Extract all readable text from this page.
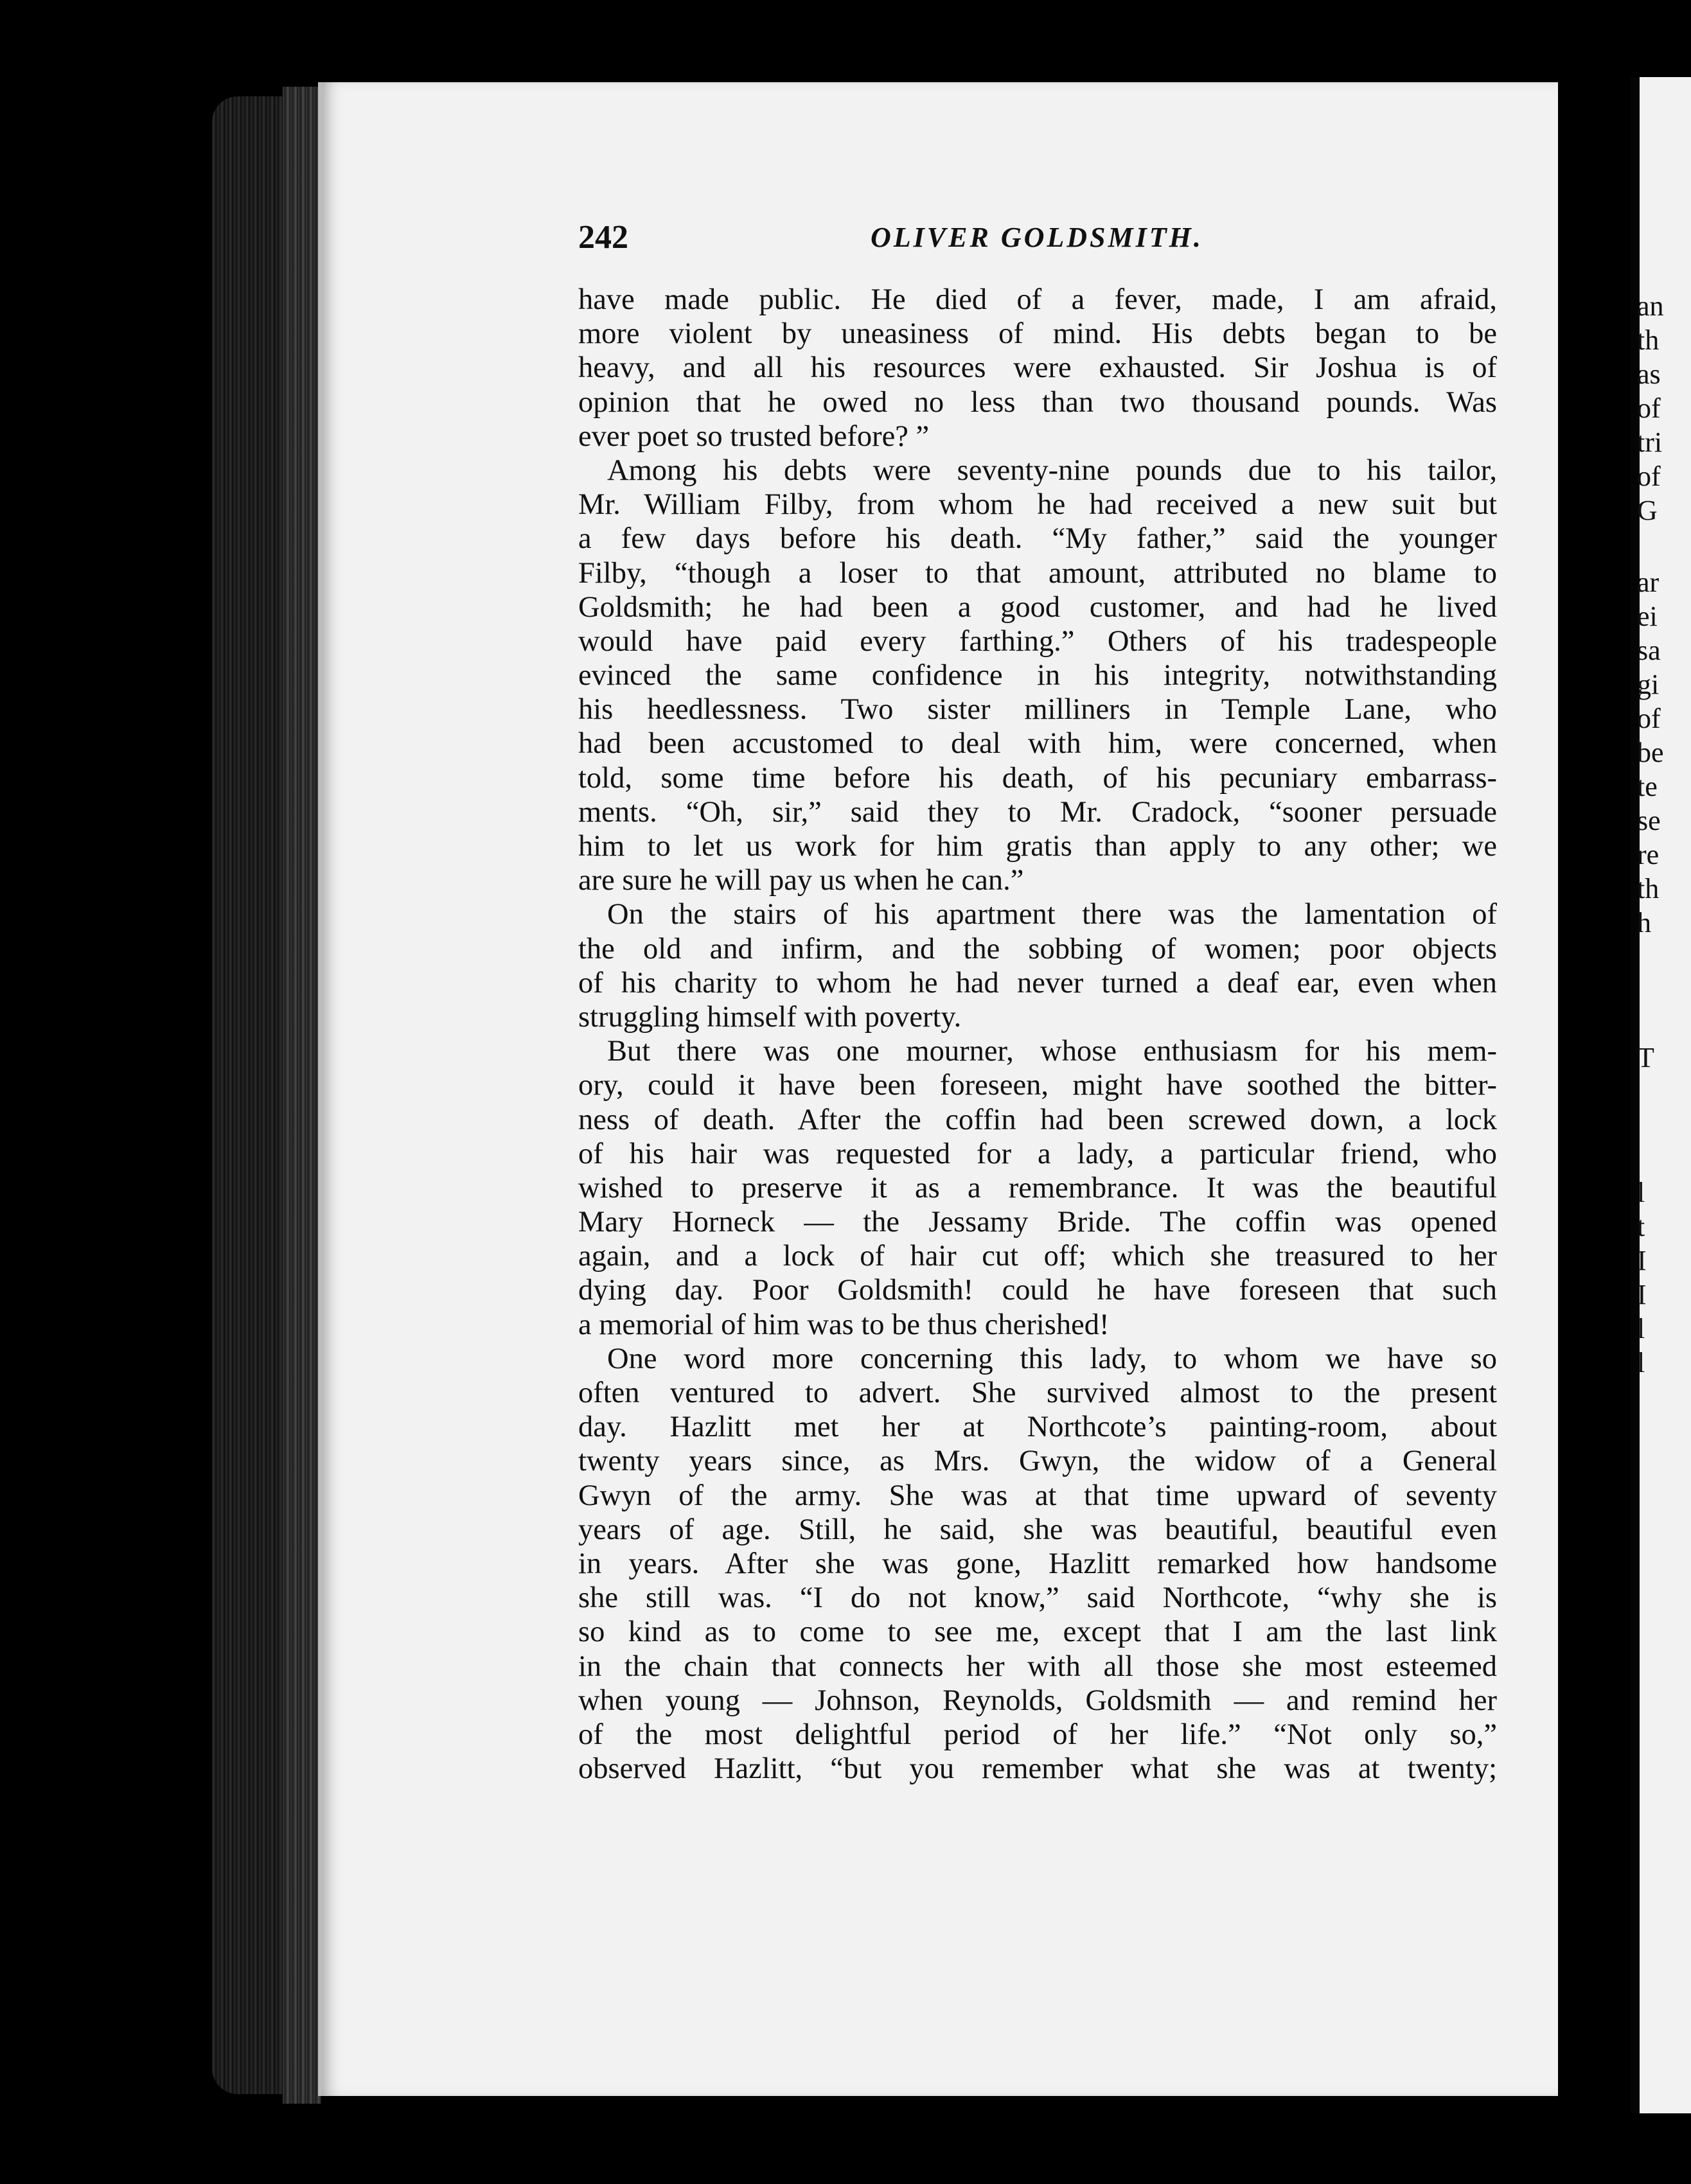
an
th
as
of
tri
of
G
ar
ei
sa
gi
of
be
te
se
re
th
h
T
l
t
I
I
l
l
242	OLIVER GOLDSMITH.
have made public. He died of a fever, made, I am afraid,
more violent by uneasiness of mind. His debts began to be
heavy, and all his resources were exhausted. Sir Joshua is of
opinion that he owed no less than two thousand pounds. Was
ever poet so trusted before? ”
Among his debts were seventy-nine pounds due to his tailor,
Mr. William Filby, from whom he had received a new suit but
a few days before his death. “My father,” said the younger
Filby, “though a loser to that amount, attributed no blame to
Goldsmith; he had been a good customer, and had he lived
would have paid every farthing.” Others of his tradespeople
evinced the same confidence in his integrity, notwithstanding
his heedlessness. Two sister milliners in Temple Lane, who
had been accustomed to deal with him, were concerned, when
told, some time before his death, of his pecuniary embarrass-
ments. “Oh, sir,” said they to Mr. Cradock, “sooner persuade
him to let us work for him gratis than apply to any other; we
are sure he will pay us when he can.”
On the stairs of his apartment there was the lamentation of
the old and infirm, and the sobbing of women; poor objects
of his charity to whom he had never turned a deaf ear, even when
struggling himself with poverty.
But there was one mourner, whose enthusiasm for his mem-
ory, could it have been foreseen, might have soothed the bitter-
ness of death. After the coffin had been screwed down, a lock
of his hair was requested for a lady, a particular friend, who
wished to preserve it as a remembrance. It was the beautiful
Mary Horneck — the Jessamy Bride. The coffin was opened
again, and a lock of hair cut off; which she treasured to her
dying day. Poor Goldsmith! could he have foreseen that such
a memorial of him was to be thus cherished!
One word more concerning this lady, to whom we have so
often ventured to advert. She survived almost to the present
day. Hazlitt met her at Northcote’s painting-room, about
twenty years since, as Mrs. Gwyn, the widow of a General
Gwyn of the army. She was at that time upward of seventy
years of age. Still, he said, she was beautiful, beautiful even
in years. After she was gone, Hazlitt remarked how handsome
she still was. “I do not know,” said Northcote, “why she is
so kind as to come to see me, except that I am the last link
in the chain that connects her with all those she most esteemed
when young — Johnson, Reynolds, Goldsmith — and remind her
of the most delightful period of her life.” “Not only so,”
observed Hazlitt, “but you remember what she was at twenty;
